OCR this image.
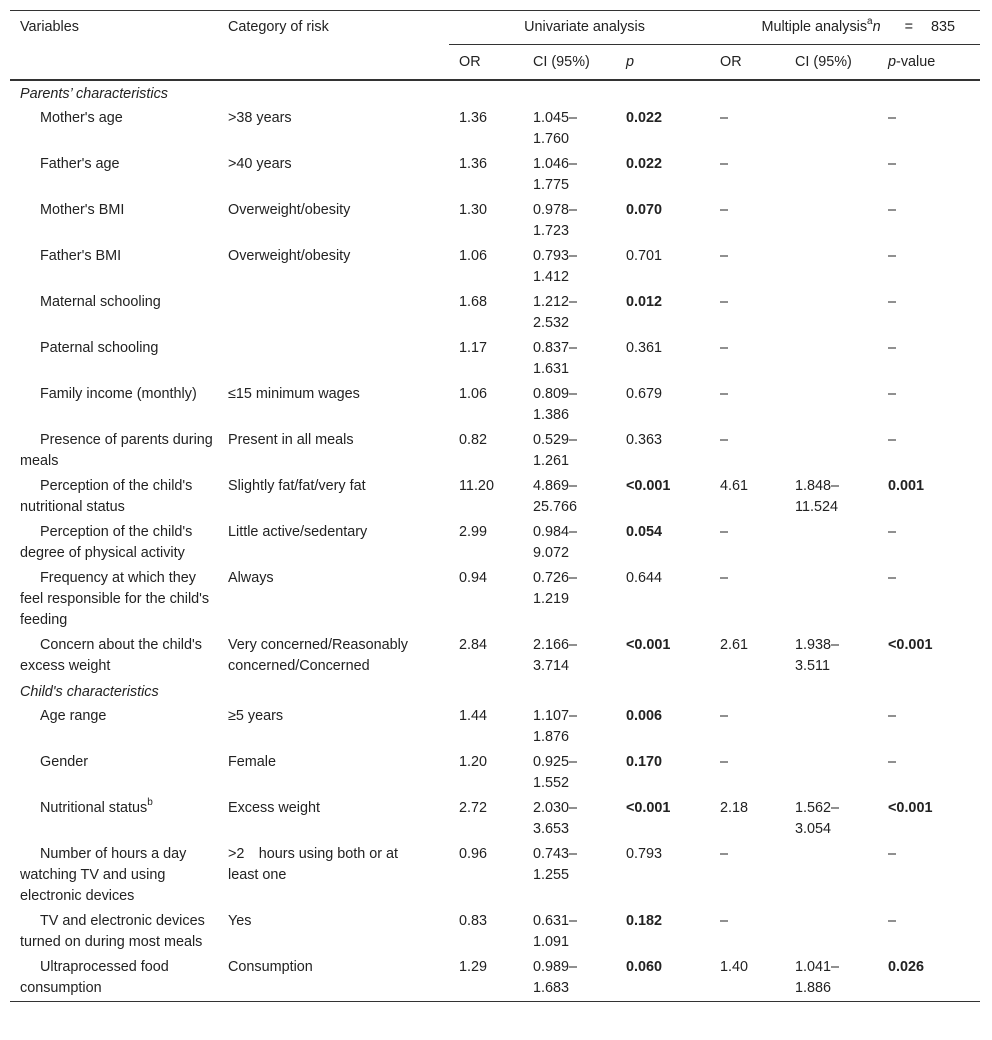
Variables	Category of risk	Univariate analysis			Multiple analysis$^a$n = 835		
		OR	CI (95%)	p	OR	CI (95%)	p-value
Parents’ characteristics							
Mother's age	>38 years	1.36	1.045–1.760	0.022	–		–
Father's age	>40 years	1.36	1.046–1.775	0.022	–		–
Mother's BMI	Overweight/obesity	1.30	0.978–1.723	0.070	–		–
Father's BMI	Overweight/obesity	1.06	0.793–1.412	0.701	–		–
Maternal schooling		1.68	1.212–2.532	0.012	–		–
Paternal schooling		1.17	0.837–1.631	0.361	–		–
Family income (monthly)	≤15 minimum wages	1.06	0.809–1.386	0.679	–		–
Presence of parents during meals	Present in all meals	0.82	0.529–1.261	0.363	–		–
Perception of the child's nutritional status	Slightly fat/fat/very fat	11.20	4.869–25.766	<0.001	4.61	1.848–11.524	0.001
Perception of the child's degree of physical activity	Little active/sedentary	2.99	0.984–9.072	0.054	–		–
Frequency at which they feel responsible for the child's feeding	Always	0.94	0.726–1.219	0.644	–		–
Concern about the child's excess weight	Very concerned/Reasonably concerned/Concerned	2.84	2.166–3.714	<0.001	2.61	1.938–3.511	<0.001
Child's characteristics							
Age range	≥5 years	1.44	1.107–1.876	0.006	–		–
Gender	Female	1.20	0.925–1.552	0.170	–		–
Nutritional status$^b$	Excess weight	2.72	2.030–3.653	<0.001	2.18	1.562–3.054	<0.001
Number of hours a day watching TV and using electronic devices	>2 hours using both or at least one	0.96	0.743–1.255	0.793	–		–
TV and electronic devices turned on during most meals	Yes	0.83	0.631–1.091	0.182	–		–
Ultraprocessed food consumption	Consumption	1.29	0.989–1.683	0.060	1.40	1.041–1.886	0.026
